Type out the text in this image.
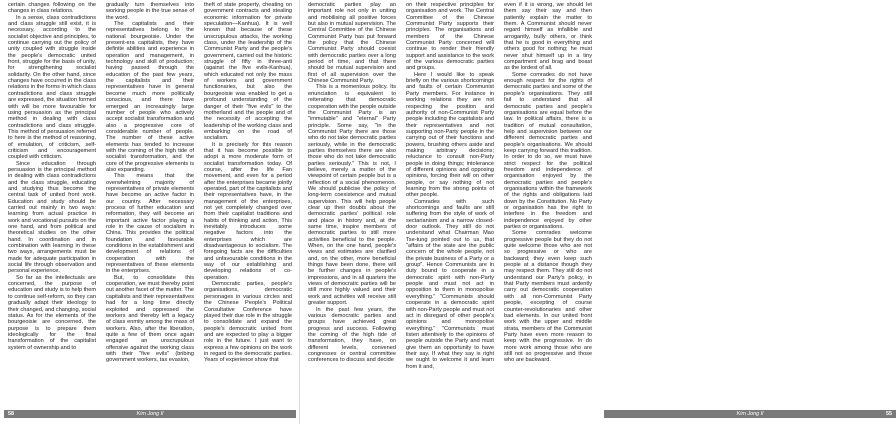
certain changes following on the changes in class relations.

In a sense, class contradictions and class struggle still exist, it is necessary, according to the socialist objective and principles, to continue carrying out the policy of unity coupled with struggle inside the people's democratic united front, struggle for the basis of unity, for strengthening socialist solidarity. On the other hand, since changes have occurred in the class relations in the forms in which class contradictions and class struggle are expressed, the situation formed with will be more favourable for using persuasion as the principal method in dealing with class contradictions and class struggle. This method of persuasion referred to here is the method of reasoning, of emulation, of criticism, self-criticism and encouragement coupled with criticism.

Since education through persuasion is the principal method in dealing with class contradictions and the class struggle, educating and studying thus become the central task of united front work. Education and study should be carried out mainly in two ways: learning from actual practice in work and vocational pursuits on the one hand, and from political and theoretical studies on the other hand. In coordination and in combination with learning in these two ways, arrangements must be made for adequate participation in social life through observation and personal experience.

So far as the intellectuals are concerned, the purpose of education and study is to help them to continue self-reform, so they can gradually adapt their ideology to their changed, and changing, social status. As for the elements of the bourgeoisie are concerned, the purpose is to prepare them ideologically for the final transformation of the capitalist system of ownership and to

gradually turn themselves into working people in the true sense of the word.

The capitalists and their representatives belong to the national bourgeoisie. Under the present-era capitalists, they have definite abilities and experience in operation and management, in technology and skill of production; having passed through the education of the past few years, the capitalists and their representatives have in general become much more politically conscious, and there have emerged an increasingly large number of people who actively accept socialist transformation and also a progressive core of considerable number of people. The number of these active elements has tended to increase with the coming of the high tide of socialist transformation, and the core of the progressive elements is also expanding.

This means that the overwhelming majority of representatives of private elements have become an active factor in our country. After necessary process of further education and reformation, they will become an important active factor playing a role in the cause of socialism in China. This provides the political foundation and favourable conditions in the establishment and development of relations of cooperation with the representatives of these elements in the enterprises.

But, to consolidate this cooperation, we must thereby point out another facet of the matter. The capitalists and their representatives had for a long time directly exploited and oppressed the workers and thereby left a legacy of class enmity among the mass of workers. Also, after the liberation, quite a few of them once again engaged an unscrupulous offensive against the working class with their "five evils" (bribing government workers, tax evasion,

theft of state property, cheating on government contracts and stealing economic information for private speculation—Kanhua). It is well known that because of these unscrupulous attacks, the working class, under the leadership of the Communist Party and the people's government, carried out the historic struggle of fifty in three-anti (against the five evils-Kanhua), which educated not only the mass of workers and government functionaries, but also the bourgeoisie was enabled to get a profound understanding of the danger of their "five evils" to the motherland and the people and of the necessity of accepting the leadership of the working class and embarking on the road of socialism.

It is precisely for this reason that it has become possible to adopt a more moderate form of socialist transformation today. Of course, after the life Fan movement, and even for a period after the enterprises became jointly operated, part of the capitalists and their representatives have, in the management of the enterprises, not yet completely changed over from their capitalist traditions and habits of thinking and action. This inevitably introduces some negative factors into the enterprises which are disadvantageous to socialism. The foregoing facts are the difficulties and unfavourable conditions in the way of our establishing and developing relations of co-operation.

Democratic parties, people's organisations, democratic personages in various circles and the Chinese People's Political Consultative Conference have played their due role in the struggle to consolidate and expand the people's democratic united front and are expected to play a bigger role in the future. I just want to express a few opinions on the work in regard to the democratic parties. Years of experience show that

58	Kim Jong Il

democratic parties play an important role not only in uniting and mobilising all positive forces but also in mutual supervision. The Central Committee of the Chinese Communist Party has put forward the policy that the Chinese Communist Party should coexist with democratic parties over a long period of time, and that there should be mutual supervision and first of all supervision over the Chinese Communist Party.

This is a momentous policy. Its enunciation is equivalent to reiterating that democratic cooperation with the people outside the Communist Party is an "immutable" and "eternal" Party principle. Some say, "in the Communist Party there are those who do not take democratic parties seriously, while in the democratic parties themselves there are also those who do not take democratic parties seriously." This is not, I believe, merely a matter of the viewpoint of certain people but is a reflection of a social phenomenon. We should publicise the policy of long-term coexistence and mutual supervision. This will help people clear up their doubts about the democratic parties' political role and place in history and, at the same time, inspire members of democratic parties to still more activities beneficial to the people. When, on the one hand, people's views and estimates are clarified and, on the other, more beneficial things have been done, there will be further changes in people's impressions, and in all quarters the views of democratic parties will be still more highly valued and their work and activities will receive still greater support.

In the past few years, the various democratic parties and groups have achieved great progress and success. Following the coming of the high tide of transformation, they have, on different levels, convened congresses or central committee conferences to discuss and decide

on their respective principles for organisation and work. The Central Committee of the Chinese Communist Party supports their principles. The organisations and members of the Chinese Communist Party concerned will continue to render their friendly support and assistance to the work of the various democratic parties and groups.

Here I would like to speak briefly on the various shortcomings and faults of certain Communist Party members. For instance in working relations they are not respecting the position and authority of non-Communist Party people including the capitalists and their representatives and not supporting non-Party people in the carrying out of their functions and powers, brushing others aside and making arbitrary decisions; reluctance to consult non-Party people in doing things; intolerance of different opinions and opposing opinions, forcing their will on other people, or say nothing of not learning from the strong points of other people.

Comrades with such shortcomings and faults are still suffering from the style of work of sectarianism and a narrow closed-door outlook. They still do not understand what Chairman Mao Tse-tung pointed out to us, that "affairs of the state are the public concern of the whole people, not the private business of a Party or a group". Hence Communists are in duty bound to cooperate in a democratic spirit with non-Party people and must not act in opposition to them in monopolise everything." "Communists should cooperate in a democratic spirit with non-Party people and must not act in disregard of other people's opinions and monopolise everything." "Communists must listen attentively to the opinions of people outside the Party and must give them an opportunity to have their say. If what they say is right we ought to welcome it and learn from it and,

even if it is wrong, we should let them say their say and then patiently explain the matter to them. A Communist should never regard himself as infallible and arrogantly, bully others, or think that he is good in everything and others good for nothing; he must never shut himself up in a tiny compartment and brag and boast as the lordest of all.

Some comrades do not have enough respect for the rights of democratic parties and some of the people's organisations. They still fail to understand that all democratic parties and people's organisations are equal before the law. In political affairs, there is a tradition of mutual consultation, help and supervision between our different democratic parties and people's organisations. We should keep carrying forward this tradition. In order to do so, we must have strict respect for the political freedom and independence of organisation enjoyed by the democratic parties and people's organisations within the framework of the rights and obligations laid down by the Constitution. No Party or organisation has the right to interfere in the freedom and independence enjoyed by other parties or organisations.

Some comrades welcome progressive people but they do not quite welcome those who are not so progressive or who are backward; they even keep such people at a distance though they may respect them. They still do not understand our Party's policy, in that Party members must ardently carry out democratic cooperation with all non-Communist Party people, excepting of course counter-revolutionaries and other bad elements. In our united front work with the upper and middle strata, members of the Communist Party have even more reason to keep with the progressive. In do more work among those who are still not so progressive and those who are backward.

Kim Jong Il	55
